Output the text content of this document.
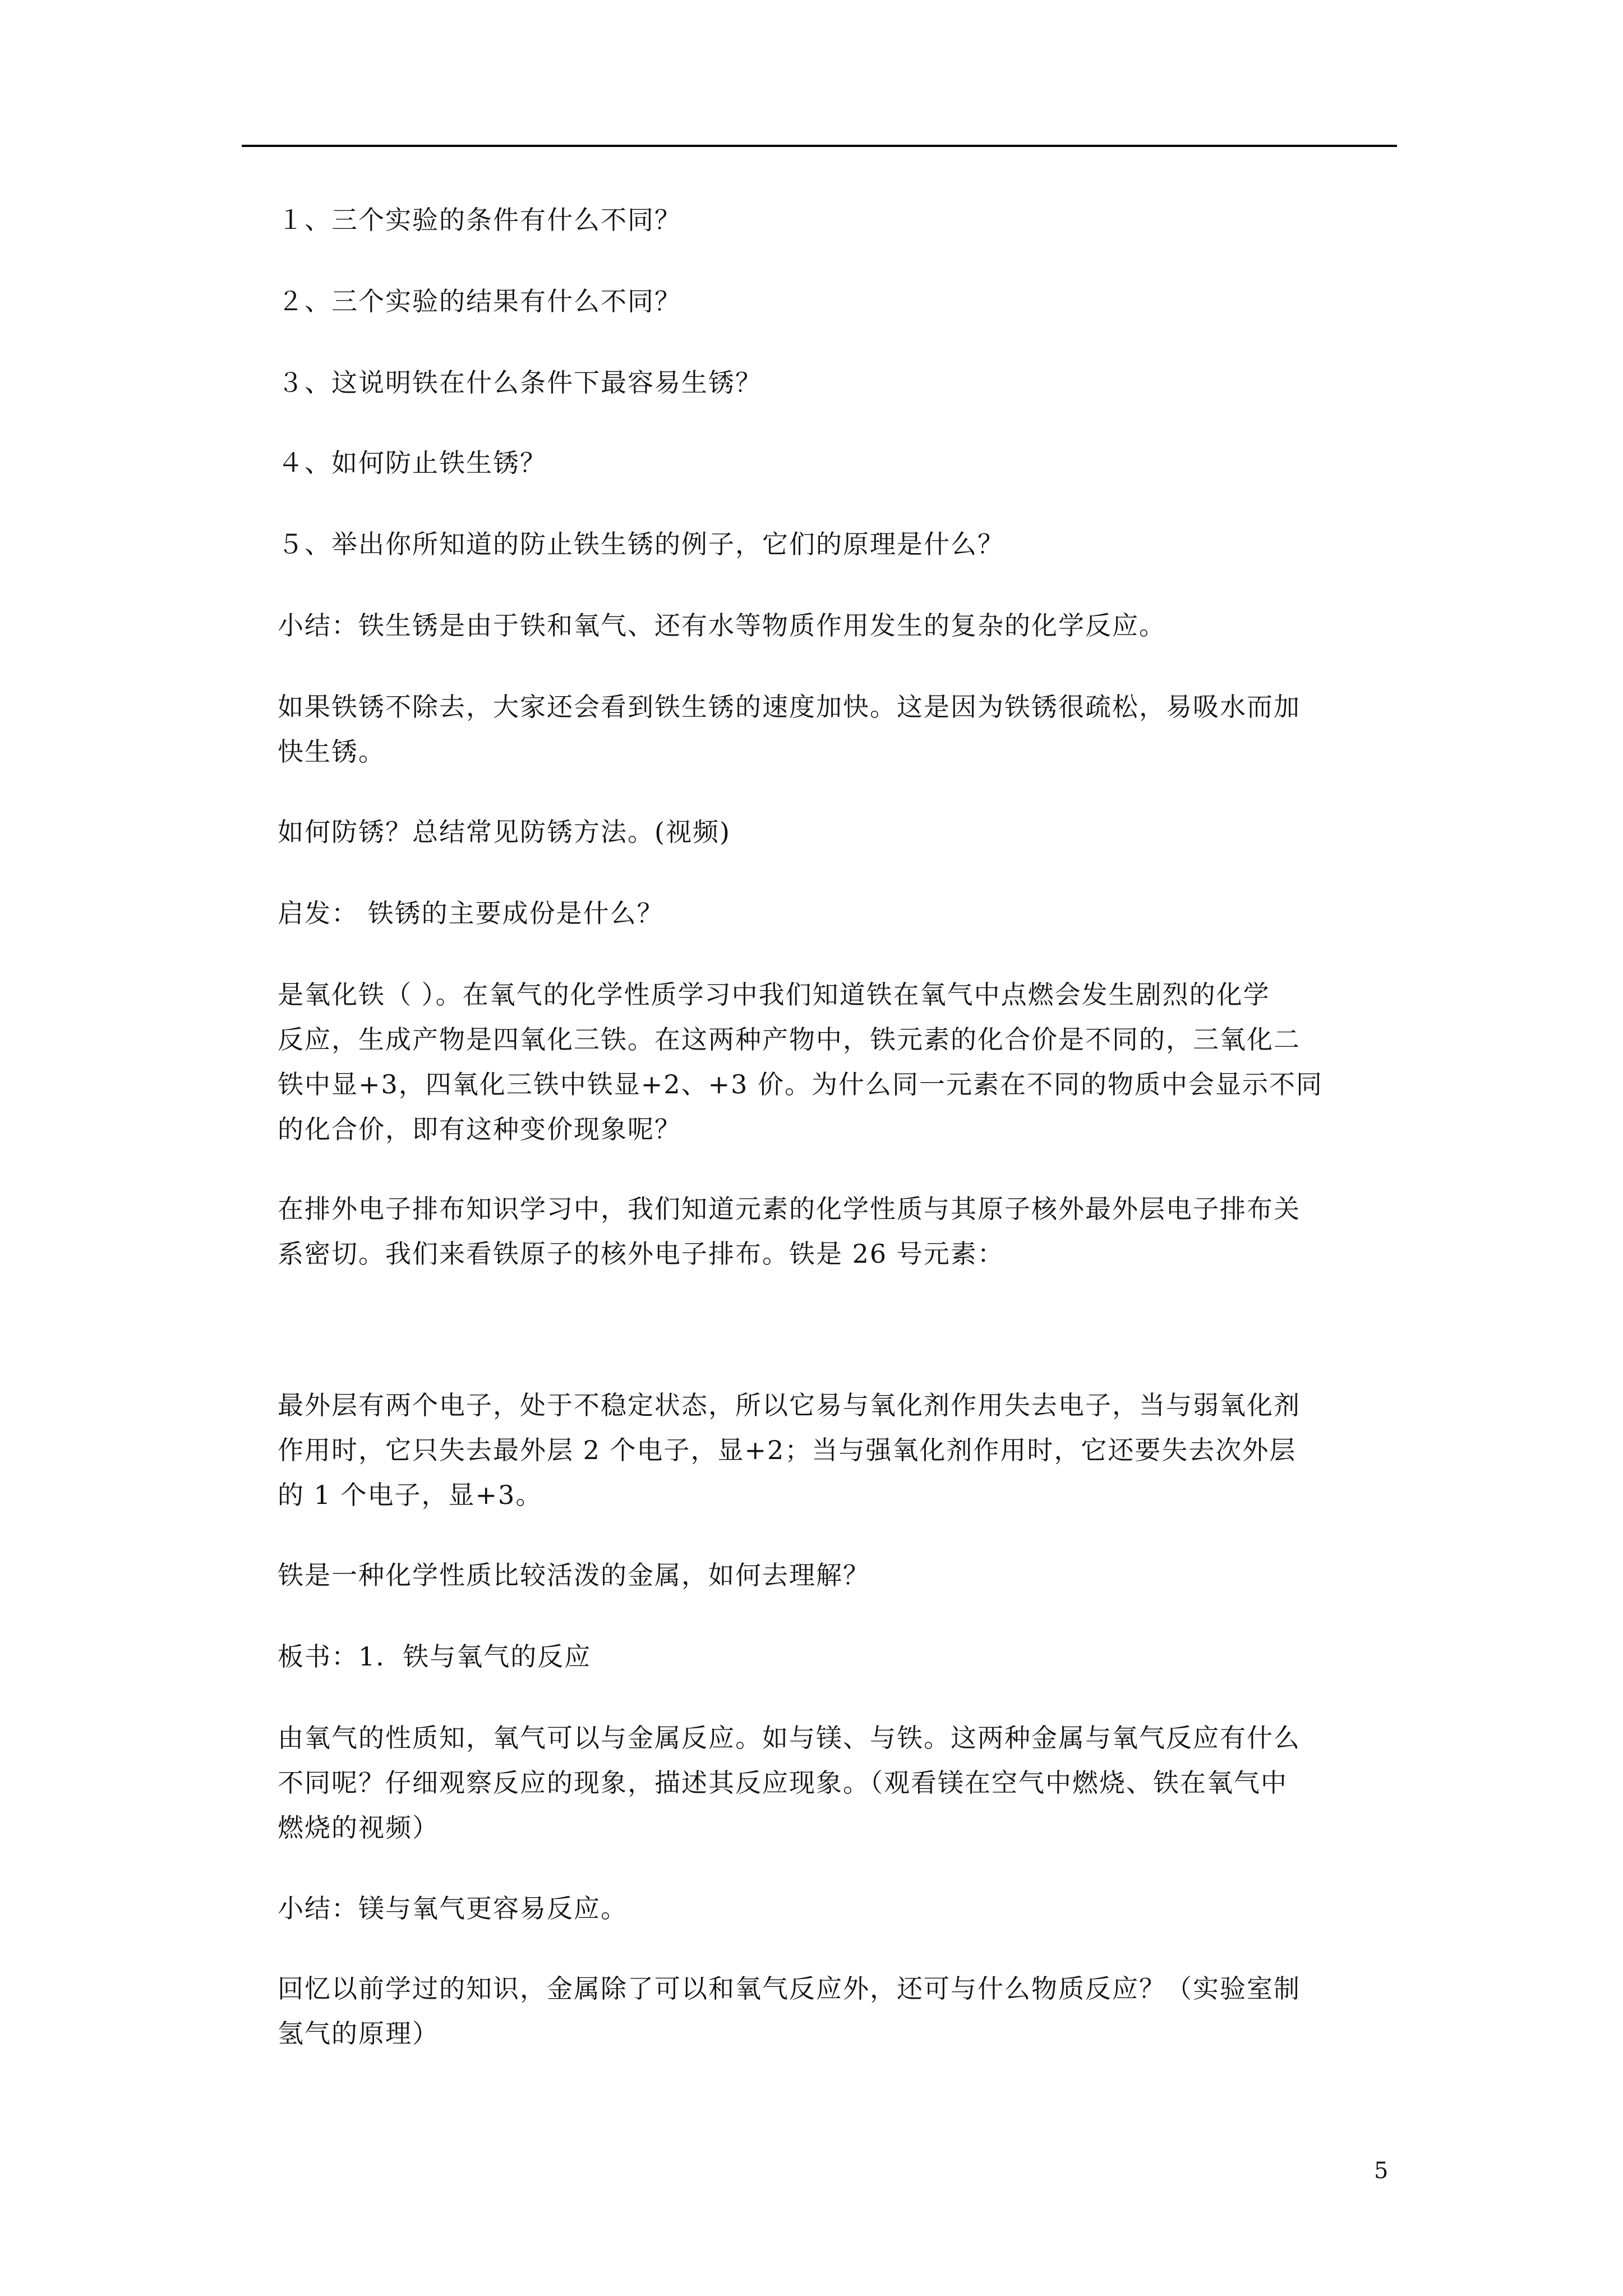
１、三个实验的条件有什么不同？

２、三个实验的结果有什么不同？

３、这说明铁在什么条件下最容易生锈？

４、如何防止铁生锈？

５、举出你所知道的防止铁生锈的例子，它们的原理是什么？

小结：铁生锈是由于铁和氧气、还有水等物质作用发生的复杂的化学反应。

如果铁锈不除去，大家还会看到铁生锈的速度加快。这是因为铁锈很疏松，易吸水而加
快生锈。

如何防锈？总结常见防锈方法。(视频)

启发： 铁锈的主要成份是什么？

是氧化铁（ ）。在氧气的化学性质学习中我们知道铁在氧气中点燃会发生剧烈的化学
反应，生成产物是四氧化三铁。在这两种产物中，铁元素的化合价是不同的，三氧化二
铁中显+3，四氧化三铁中铁显+2、+3 价。为什么同一元素在不同的物质中会显示不同
的化合价，即有这种变价现象呢？

在排外电子排布知识学习中，我们知道元素的化学性质与其原子核外最外层电子排布关
系密切。我们来看铁原子的核外电子排布。铁是 26 号元素：

最外层有两个电子，处于不稳定状态，所以它易与氧化剂作用失去电子，当与弱氧化剂
作用时，它只失去最外层 2 个电子，显+2；当与强氧化剂作用时，它还要失去次外层
的 1 个电子，显+3。

铁是一种化学性质比较活泼的金属，如何去理解？

板书：1．铁与氧气的反应

由氧气的性质知，氧气可以与金属反应。如与镁、与铁。这两种金属与氧气反应有什么
不同呢？仔细观察反应的现象，描述其反应现象。（观看镁在空气中燃烧、铁在氧气中
燃烧的视频）

小结：镁与氧气更容易反应。

回忆以前学过的知识，金属除了可以和氧气反应外，还可与什么物质反应？（实验室制
氢气的原理）

5
